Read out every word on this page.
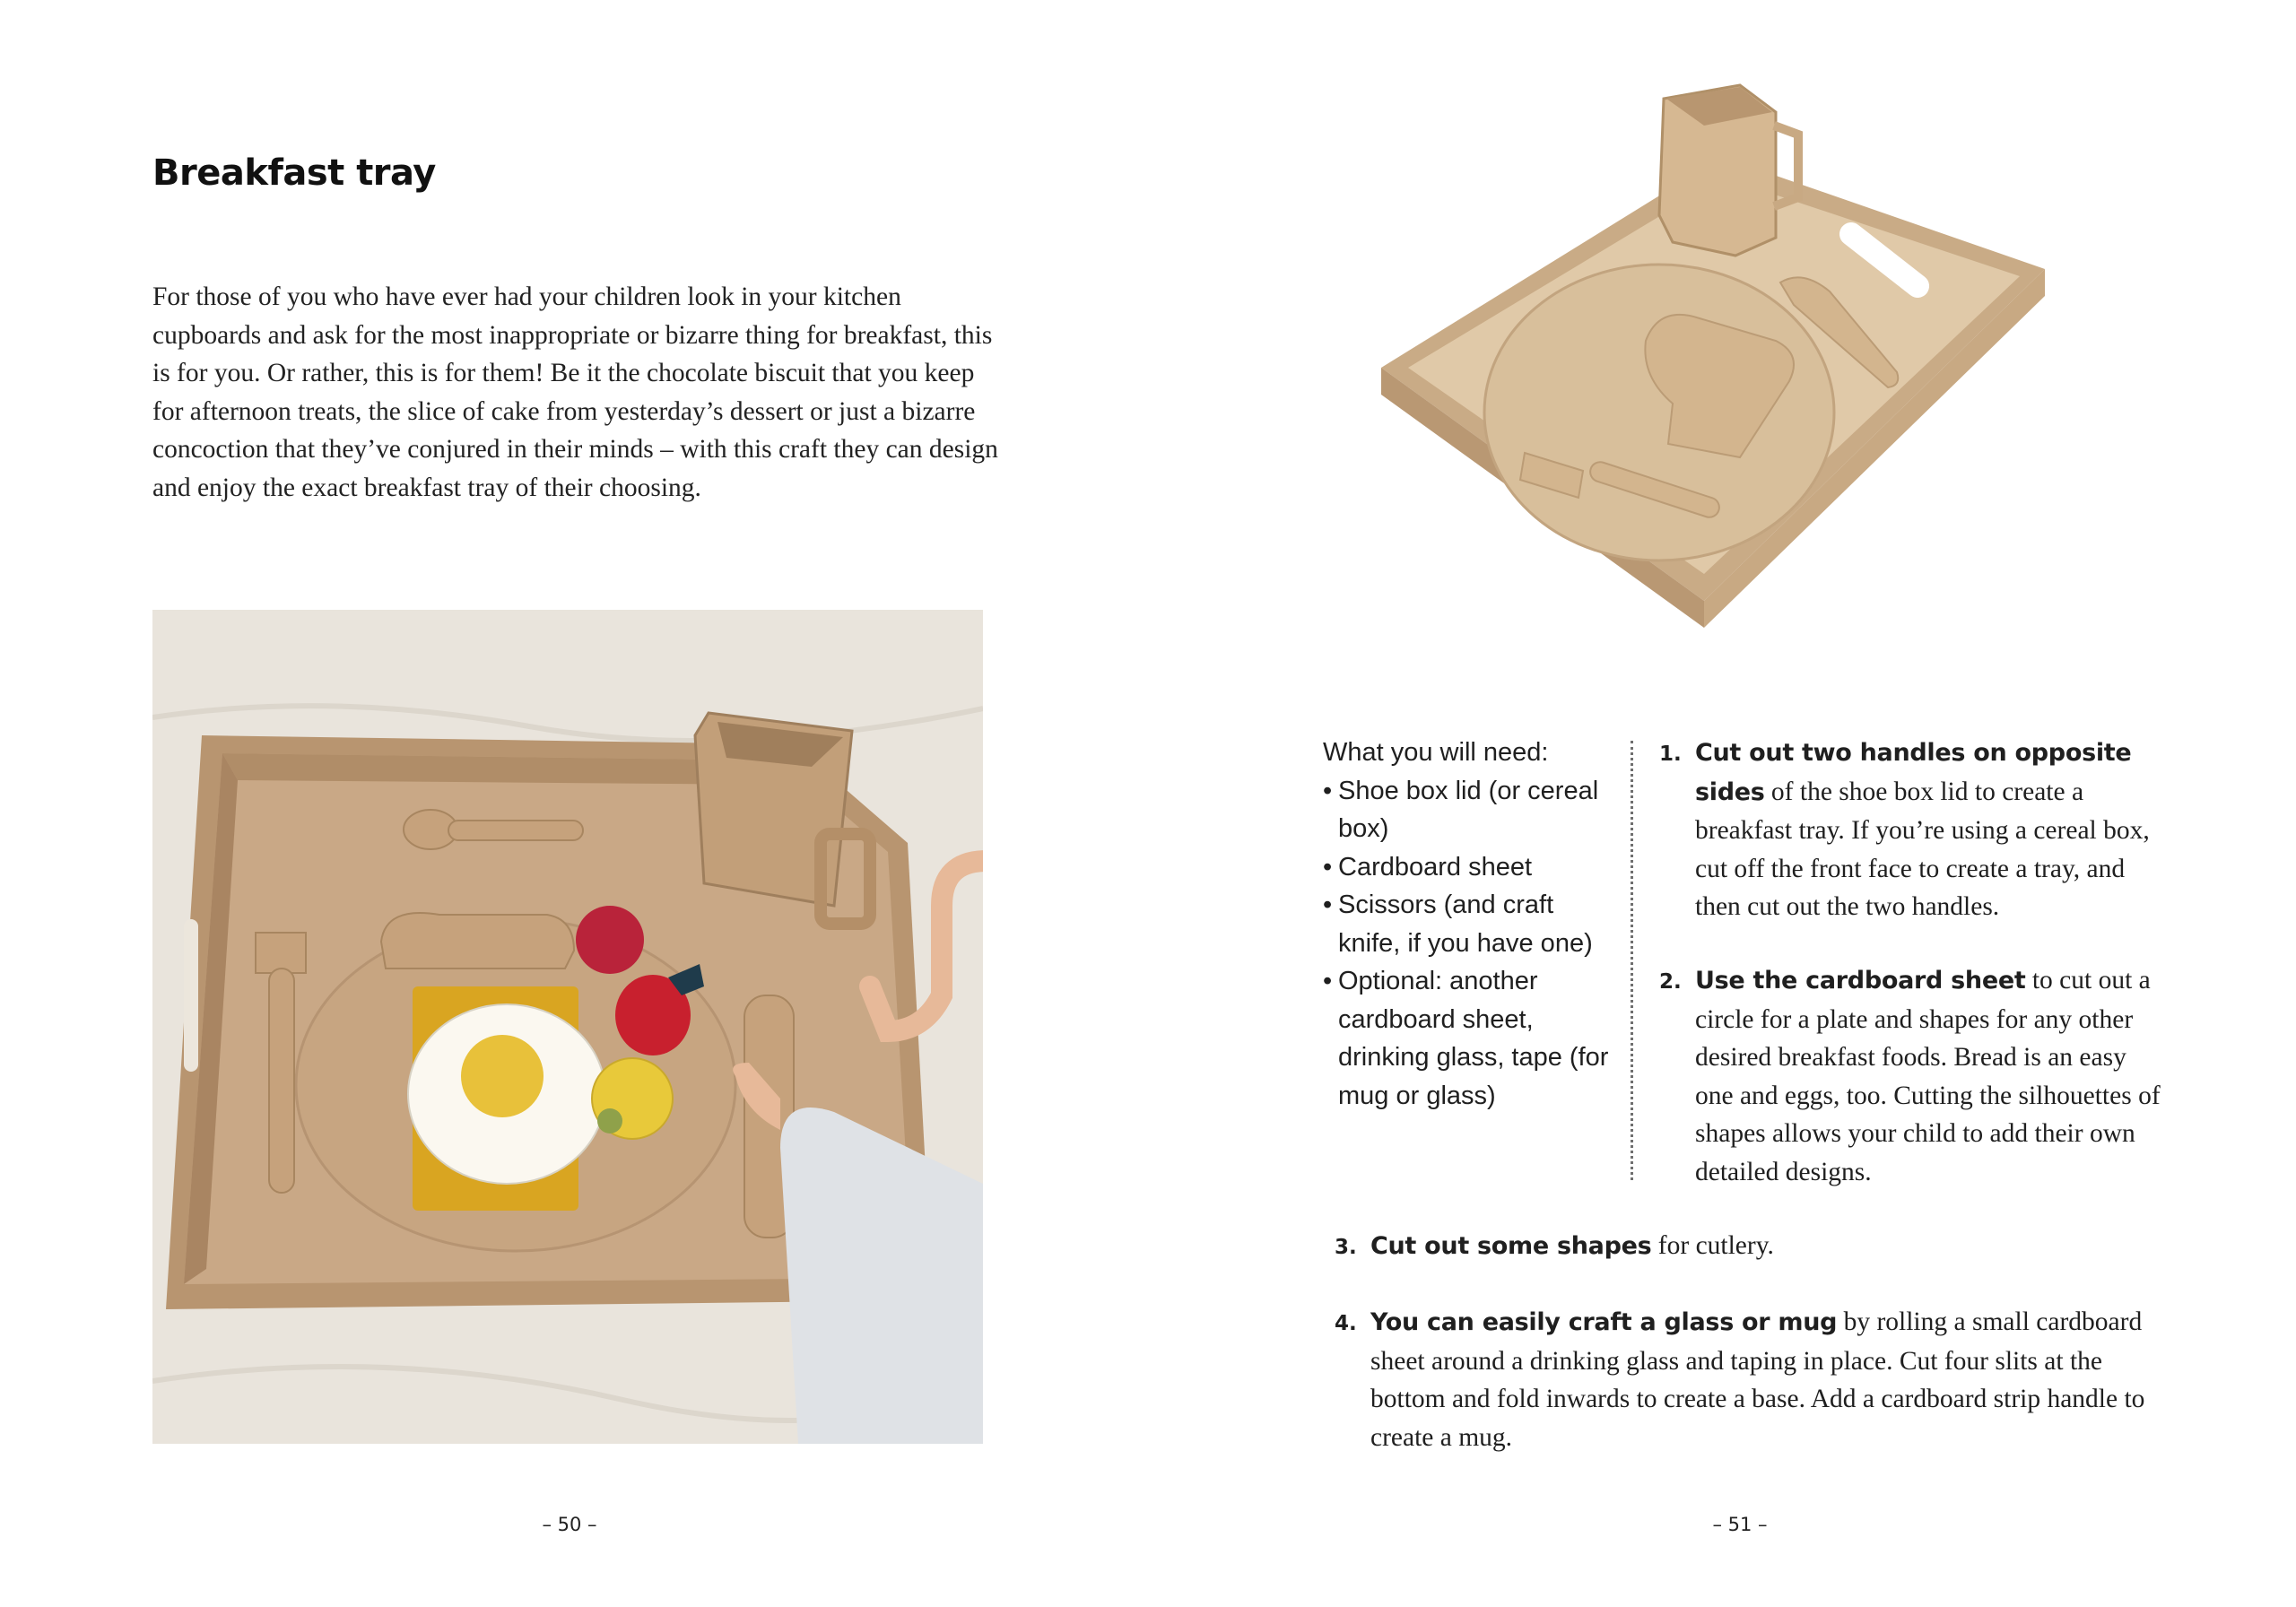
Breakfast tray

For those of you who have ever had your children look in your kitchen cupboards and ask for the most inappropriate or bizarre thing for breakfast, this is for you. Or rather, this is for them! Be it the chocolate biscuit that you keep for afternoon treats, the slice of cake from yesterday’s dessert or just a bizarre concoction that they’ve conjured in their minds – with this craft they can design and enjoy the exact breakfast tray of their choosing.

– 50 –
What you will need:
• Shoe box lid (or cereal box)
• Cardboard sheet
• Scissors (and craft knife, if you have one)
• Optional: another cardboard sheet, drinking glass, tape (for mug or glass)
1. Cut out two handles on opposite sides of the shoe box lid to create a breakfast tray. If you’re using a cereal box, cut off the front face to create a tray, and then cut out the two handles.
2. Use the cardboard sheet to cut out a circle for a plate and shapes for any other desired breakfast foods. Bread is an easy one and eggs, too. Cutting the silhouettes of shapes allows your child to add their own detailed designs.
3. Cut out some shapes for cutlery.
4. You can easily craft a glass or mug by rolling a small cardboard sheet around a drinking glass and taping in place. Cut four slits at the bottom and fold inwards to create a base. Add a cardboard strip handle to create a mug.
– 51 –
